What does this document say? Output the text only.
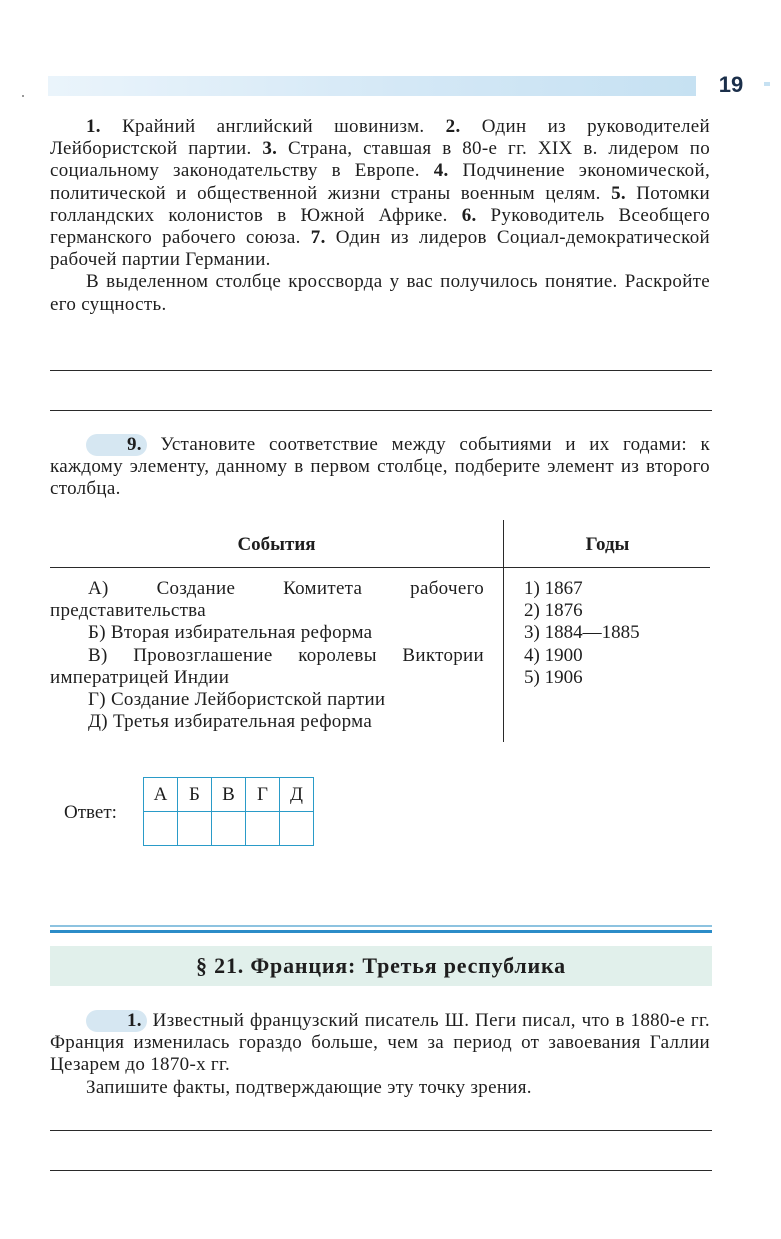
19

1. Крайний английский шовинизм. 2. Один из руководителей Лейбористской партии. 3. Страна, ставшая в 80-е гг. XIX в. лидером по социальному законодательству в Европе. 4. Подчинение экономической, политической и общественной жизни страны военным целям. 5. Потомки голландских колонистов в Южной Африке. 6. Руководитель Всеобщего германского рабочего союза. 7. Один из лидеров Социал-демократической рабочей партии Германии.

В выделенном столбце кроссворда у вас получилось понятие. Раскройте его сущность.

9. Установите соответствие между событиями и их годами: к каждому элементу, данному в первом столбце, подберите элемент из второго столбца.

События	Годы
А) Создание Комитета рабочего представительства
Б) Вторая избирательная реформа
В) Провозглашение королевы Виктории императрицей Индии
Г) Создание Лейбористской партии
Д) Третья избирательная реформа
1) 1867
2) 1876
3) 1884—1885
4) 1900
5) 1906
Ответ:
А	Б	В	Г	Д

§ 21. Франция: Третья республика

1. Известный французский писатель Ш. Пеги писал, что в 1880-е гг. Франция изменилась гораздо больше, чем за период от завоевания Галлии Цезарем до 1870-х гг.

Запишите факты, подтверждающие эту точку зрения.
